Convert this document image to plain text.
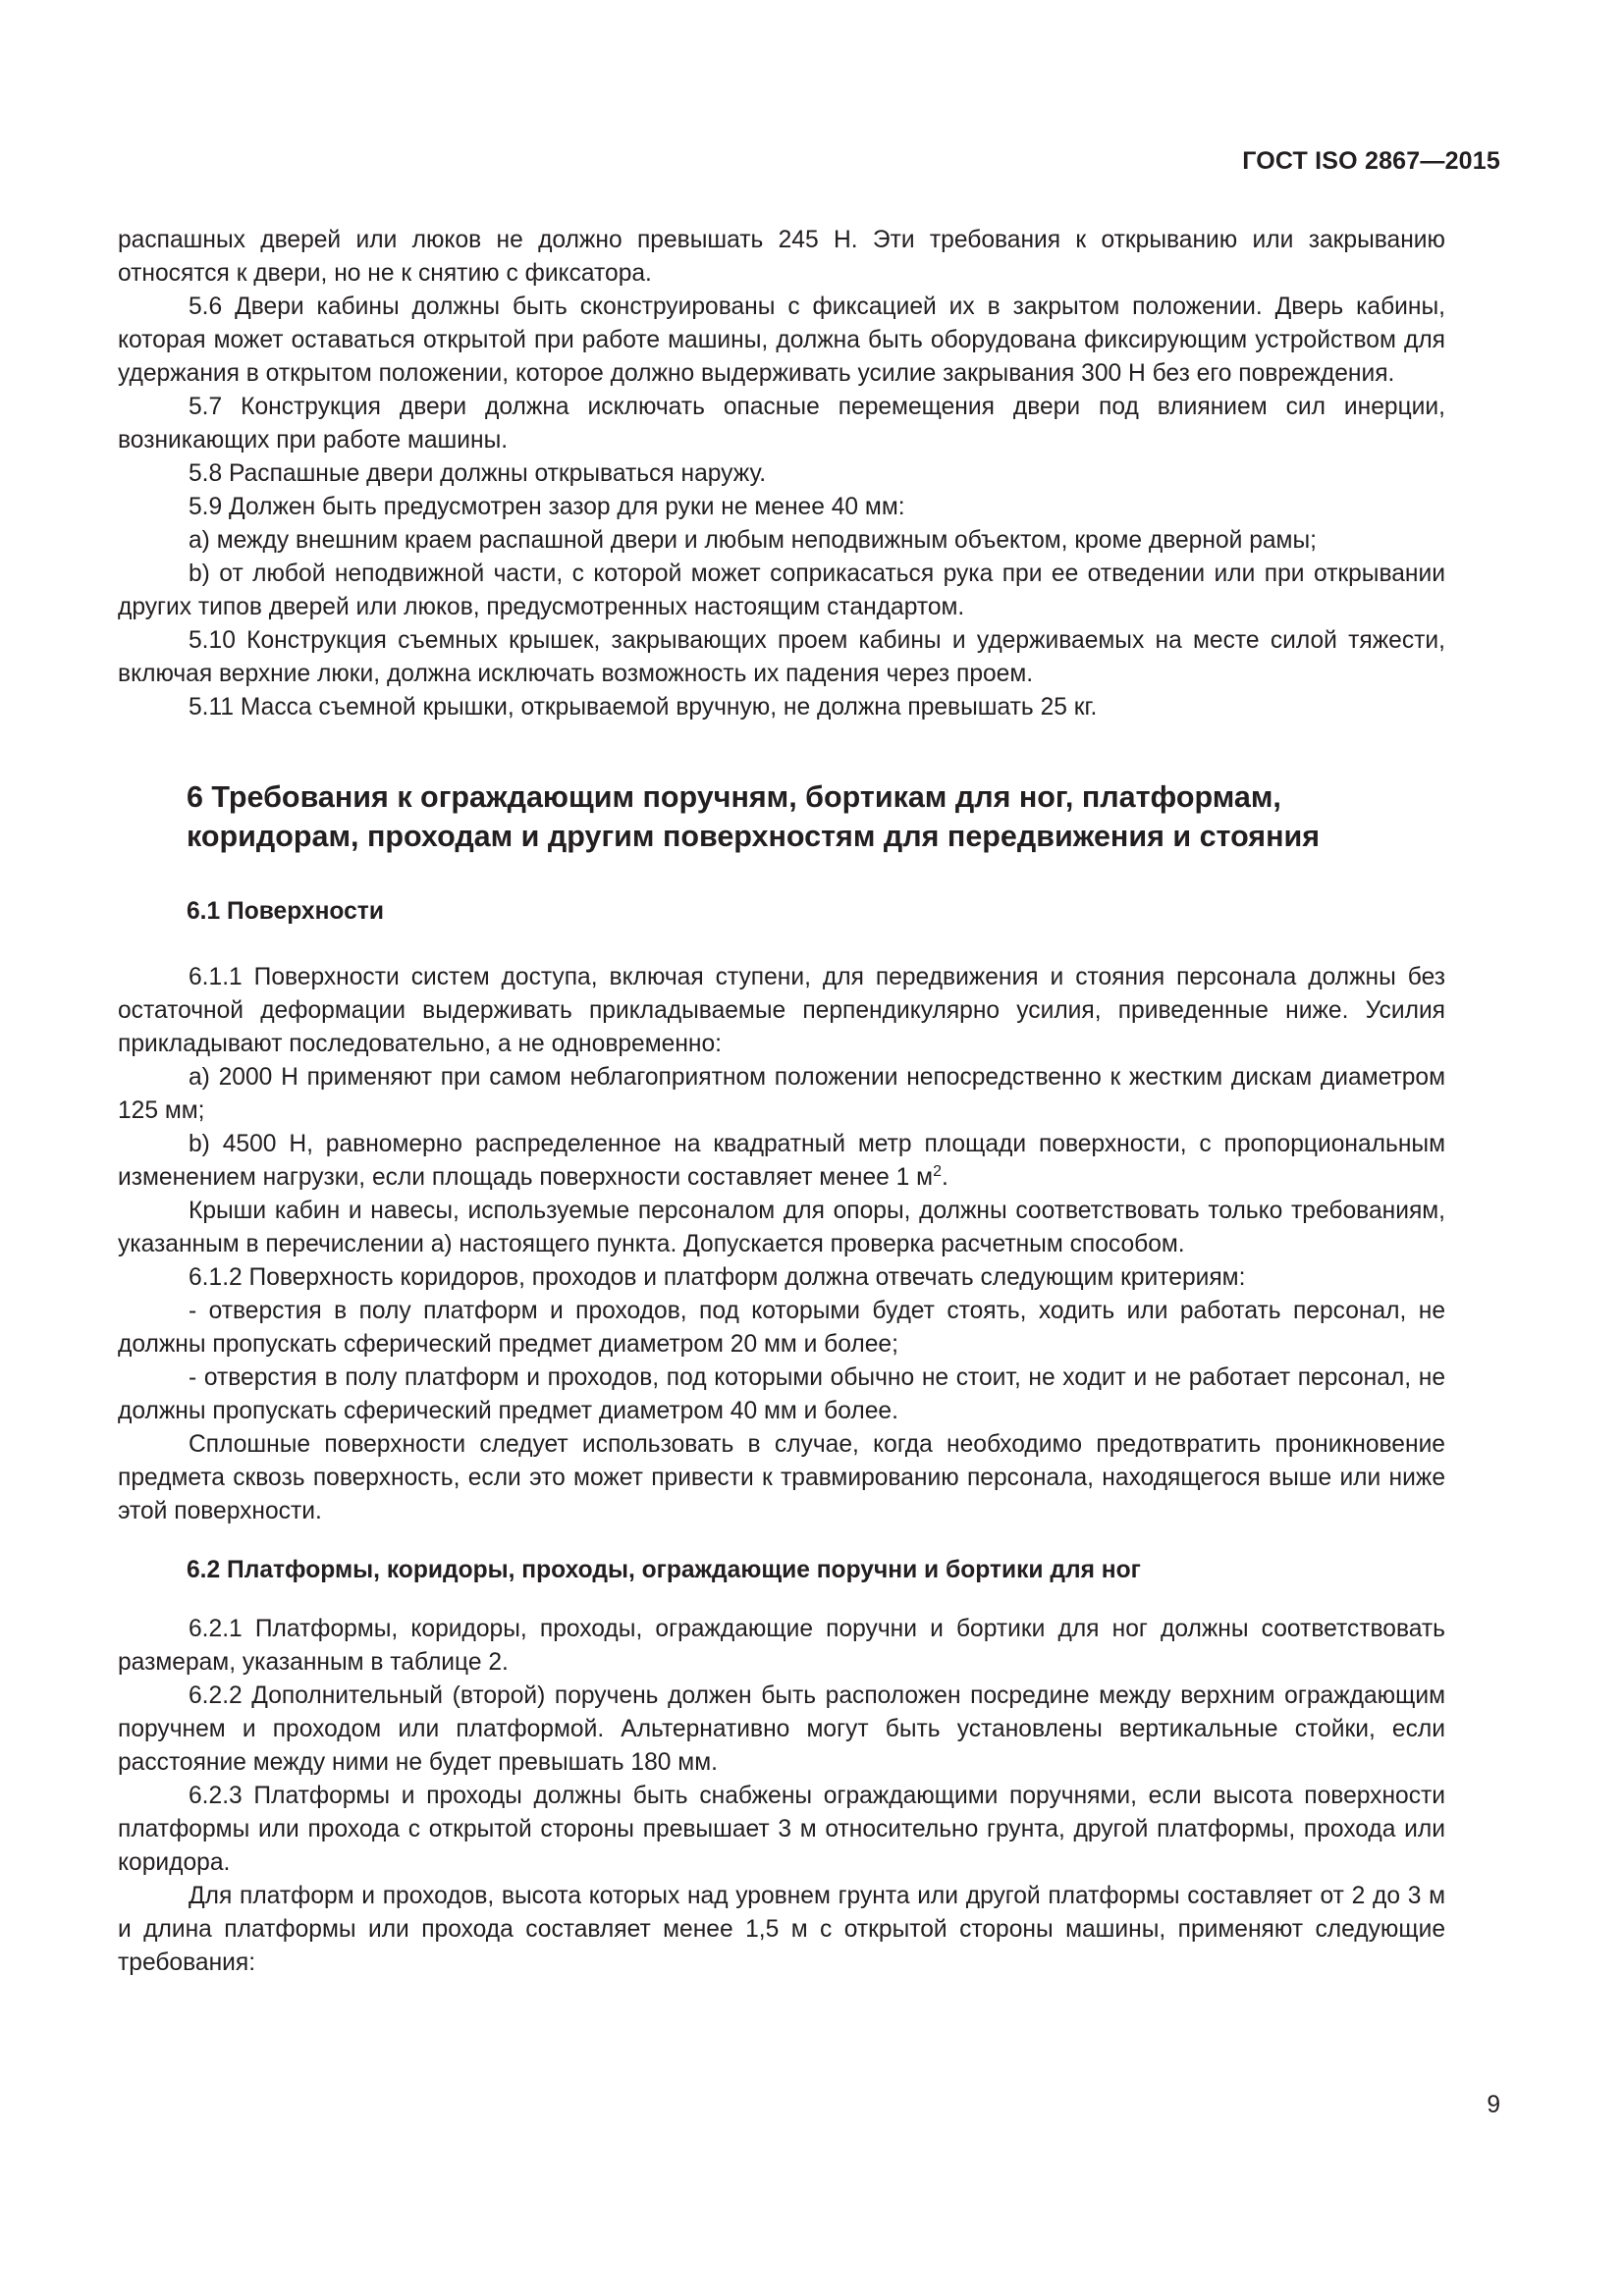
ГОСТ ISO 2867—2015

распашных дверей или люков не должно превышать 245 Н. Эти требования к открыванию или закрыванию относятся к двери, но не к снятию с фиксатора.

5.6 Двери кабины должны быть сконструированы с фиксацией их в закрытом положении. Дверь кабины, которая может оставаться открытой при работе машины, должна быть оборудована фиксирующим устройством для удержания в открытом положении, которое должно выдерживать усилие закрывания 300 Н без его повреждения.

5.7 Конструкция двери должна исключать опасные перемещения двери под влиянием сил инерции, возникающих при работе машины.

5.8 Распашные двери должны открываться наружу.

5.9 Должен быть предусмотрен зазор для руки не менее 40 мм:

a) между внешним краем распашной двери и любым неподвижным объектом, кроме дверной рамы;

b) от любой неподвижной части, с которой может соприкасаться рука при ее отведении или при открывании других типов дверей или люков, предусмотренных настоящим стандартом.

5.10 Конструкция съемных крышек, закрывающих проем кабины и удерживаемых на месте силой тяжести, включая верхние люки, должна исключать возможность их падения через проем.

5.11 Масса съемной крышки, открываемой вручную, не должна превышать 25 кг.

6 Требования к ограждающим поручням, бортикам для ног, платформам, коридорам, проходам и другим поверхностям для передвижения и стояния
6.1 Поверхности

6.1.1 Поверхности систем доступа, включая ступени, для передвижения и стояния персонала должны без остаточной деформации выдерживать прикладываемые перпендикулярно усилия, приведенные ниже. Усилия прикладывают последовательно, а не одновременно:

a) 2000 Н применяют при самом неблагоприятном положении непосредственно к жестким дискам диаметром 125 мм;

b) 4500 Н, равномерно распределенное на квадратный метр площади поверхности, с пропорциональным изменением нагрузки, если площадь поверхности составляет менее 1 $м^2$.

Крыши кабин и навесы, используемые персоналом для опоры, должны соответствовать только требованиям, указанным в перечислении а) настоящего пункта. Допускается проверка расчетным способом.

6.1.2 Поверхность коридоров, проходов и платформ должна отвечать следующим критериям:

- отверстия в полу платформ и проходов, под которыми будет стоять, ходить или работать персонал, не должны пропускать сферический предмет диаметром 20 мм и более;

- отверстия в полу платформ и проходов, под которыми обычно не стоит, не ходит и не работает персонал, не должны пропускать сферический предмет диаметром 40 мм и более.

Сплошные поверхности следует использовать в случае, когда необходимо предотвратить проникновение предмета сквозь поверхность, если это может привести к травмированию персонала, находящегося выше или ниже этой поверхности.

6.2 Платформы, коридоры, проходы, ограждающие поручни и бортики для ног

6.2.1 Платформы, коридоры, проходы, ограждающие поручни и бортики для ног должны соответствовать размерам, указанным в таблице 2.

6.2.2 Дополнительный (второй) поручень должен быть расположен посредине между верхним ограждающим поручнем и проходом или платформой. Альтернативно могут быть установлены вертикальные стойки, если расстояние между ними не будет превышать 180 мм.

6.2.3 Платформы и проходы должны быть снабжены ограждающими поручнями, если высота поверхности платформы или прохода с открытой стороны превышает 3 м относительно грунта, другой платформы, прохода или коридора.

Для платформ и проходов, высота которых над уровнем грунта или другой платформы составляет от 2 до 3 м и длина платформы или прохода составляет менее 1,5 м с открытой стороны машины, применяют следующие требования:

9
